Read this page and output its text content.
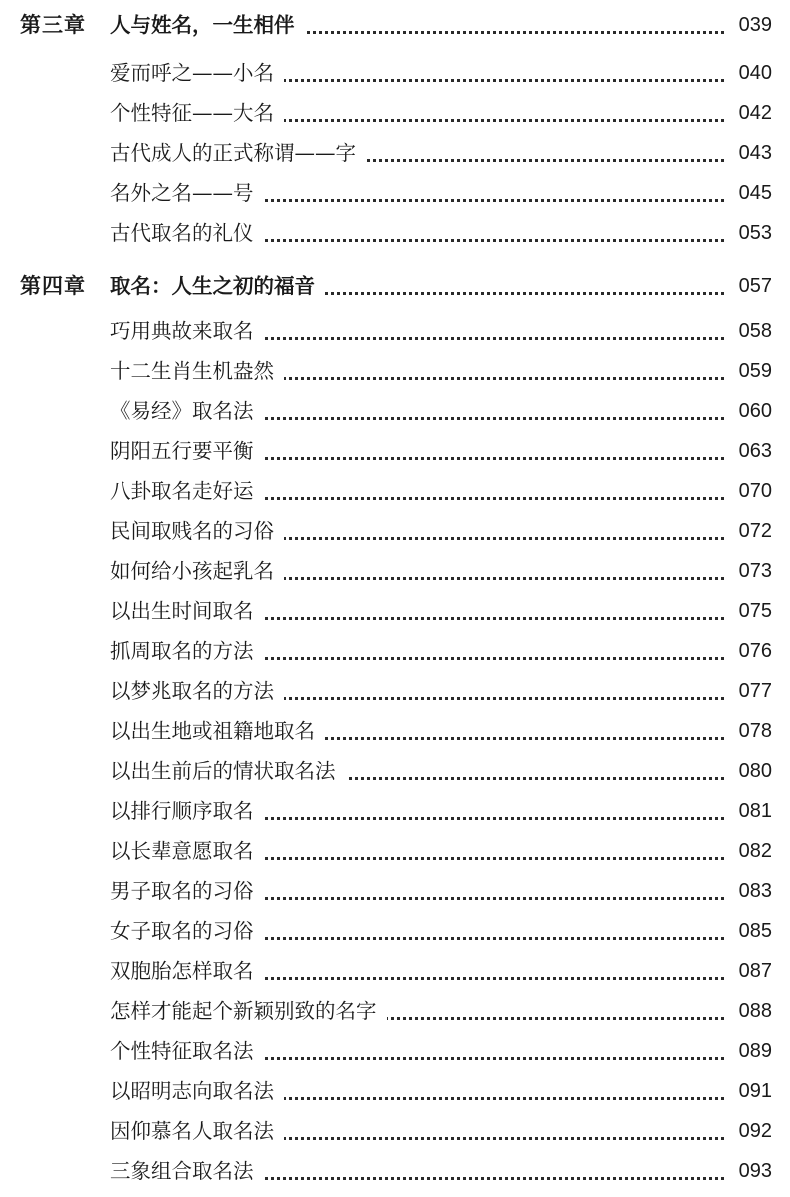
第三章 人与姓名，一生相伴	039
爱而呼之——小名	040
个性特征——大名	042
古代成人的正式称谓——字	043
名外之名——号	045
古代取名的礼仪	053
第四章 取名：人生之初的福音	057
巧用典故来取名	058
十二生肖生机盎然	059
《易经》取名法	060
阴阳五行要平衡	063
八卦取名走好运	070
民间取贱名的习俗	072
如何给小孩起乳名	073
以出生时间取名	075
抓周取名的方法	076
以梦兆取名的方法	077
以出生地或祖籍地取名	078
以出生前后的情状取名法	080
以排行顺序取名	081
以长辈意愿取名	082
男子取名的习俗	083
女子取名的习俗	085
双胞胎怎样取名	087
怎样才能起个新颖别致的名字	088
个性特征取名法	089
以昭明志向取名法	091
因仰慕名人取名法	092
三象组合取名法	093
